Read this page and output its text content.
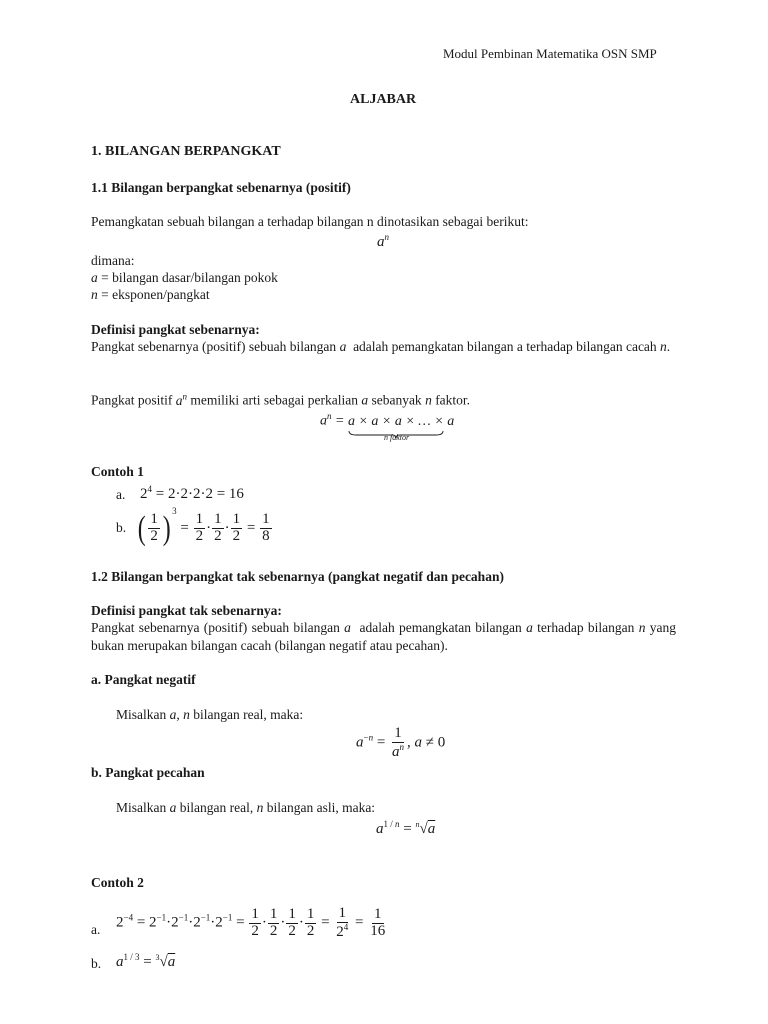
Modul Pembinan Matematika OSN SMP
ALJABAR
1. BILANGAN BERPANGKAT
1.1 Bilangan berpangkat sebenarnya (positif)
Pemangkatan sebuah bilangan a terhadap bilangan n dinotasikan sebagai berikut:
$a^n$
dimana:
a = bilangan dasar/bilangan pokok
n = eksponen/pangkat
Definisi pangkat sebenarnya:
Pangkat sebenarnya (positif) sebuah bilangan a adalah pemangkatan bilangan a terhadap bilangan cacah n.
Pangkat positif $a^n$ memiliki arti sebagai perkalian a sebanyak n faktor.
$a^n = a \times a \times a$ × … × a
n faktor
Contoh 1
a. $2^4 = 2\cdot 2\cdot 2\cdot 2 = 16$
b. ( $\frac{1}{2}$ ) $^3 = \frac{1}{2} \cdot \frac{1}{2} \cdot \frac{1}{2} = \frac{1}{8}$
1.2 Bilangan berpangkat tak sebenarnya (pangkat negatif dan pecahan)
Definisi pangkat tak sebenarnya:
Pangkat sebenarnya (positif) sebuah bilangan a adalah pemangkatan bilangan a terhadap bilangan n yang bukan merupakan bilangan cacah (bilangan negatif atau pecahan).
a. Pangkat negatif
Misalkan a, n bilangan real, maka:
$a^{-n} = \frac{1}{a^n}$ , a ≠ 0
b. Pangkat pecahan
Misalkan a bilangan real, n bilangan asli, maka:
$a^{1 / n} = ^n√a$
Contoh 2
a. $2^{-4} = 2^{-1}\cdot 2^{-1}\cdot 2^{-1}\cdot 2^{-1} = \frac{1}{2} \cdot \frac{1}{2} \cdot \frac{1}{2} \cdot \frac{1}{2} = \frac{1}{2^4} = \frac{1}{16}$
b. $a^{1 / 3} = ^3√a$
